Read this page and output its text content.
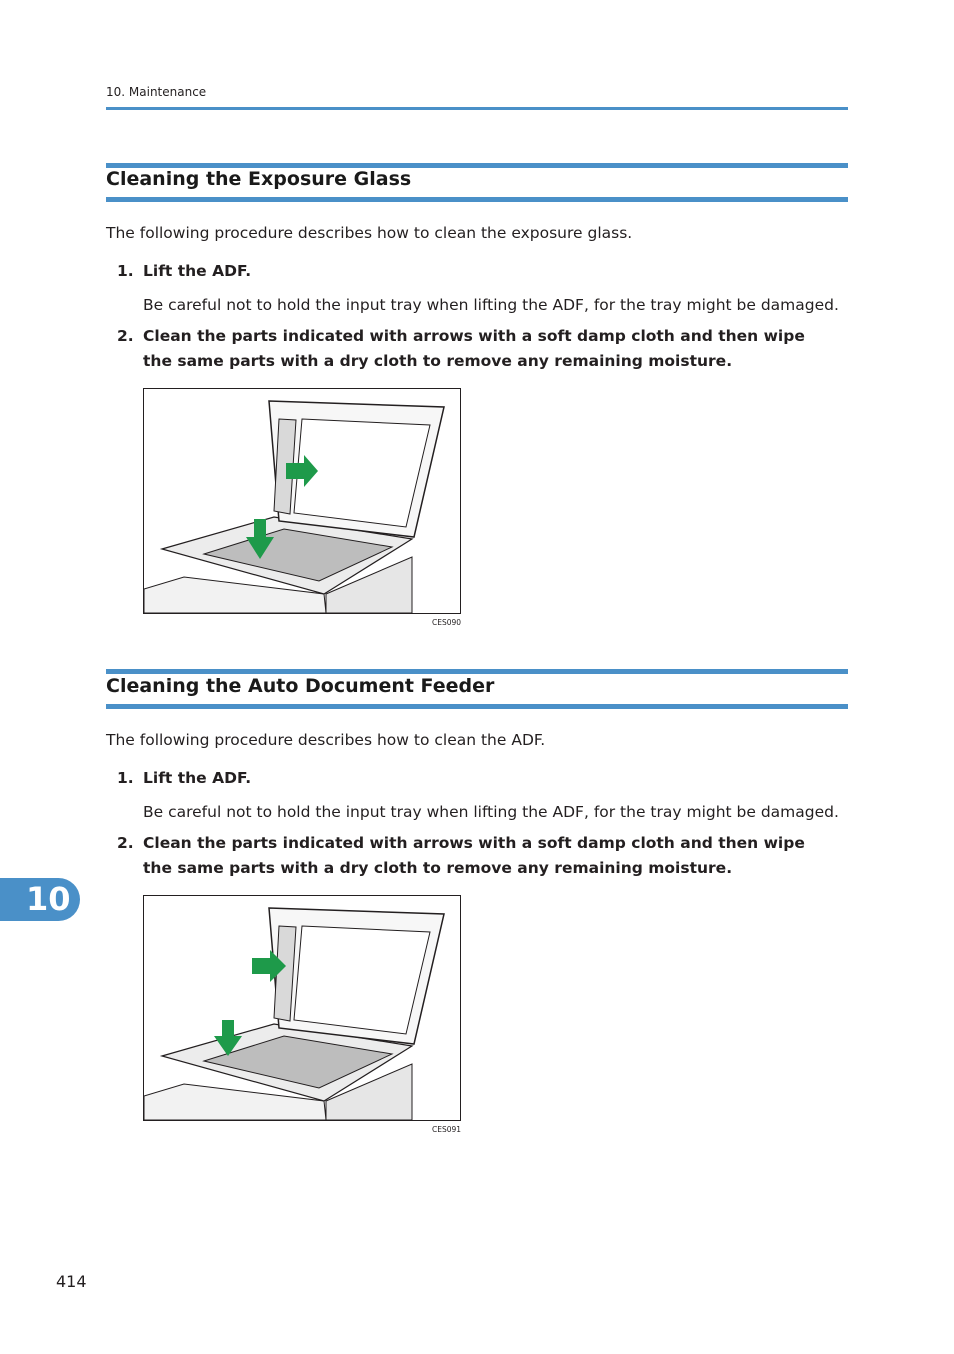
10. Maintenance
Cleaning the Exposure Glass
The following procedure describes how to clean the exposure glass.
1. Lift the ADF.
Be careful not to hold the input tray when lifting the ADF, for the tray might be damaged.
2. Clean the parts indicated with arrows with a soft damp cloth and then wipe the same parts with a dry cloth to remove any remaining moisture.
CES090
Cleaning the Auto Document Feeder
The following procedure describes how to clean the ADF.
1. Lift the ADF.
Be careful not to hold the input tray when lifting the ADF, for the tray might be damaged.
2. Clean the parts indicated with arrows with a soft damp cloth and then wipe the same parts with a dry cloth to remove any remaining moisture.
CES091
10
414
